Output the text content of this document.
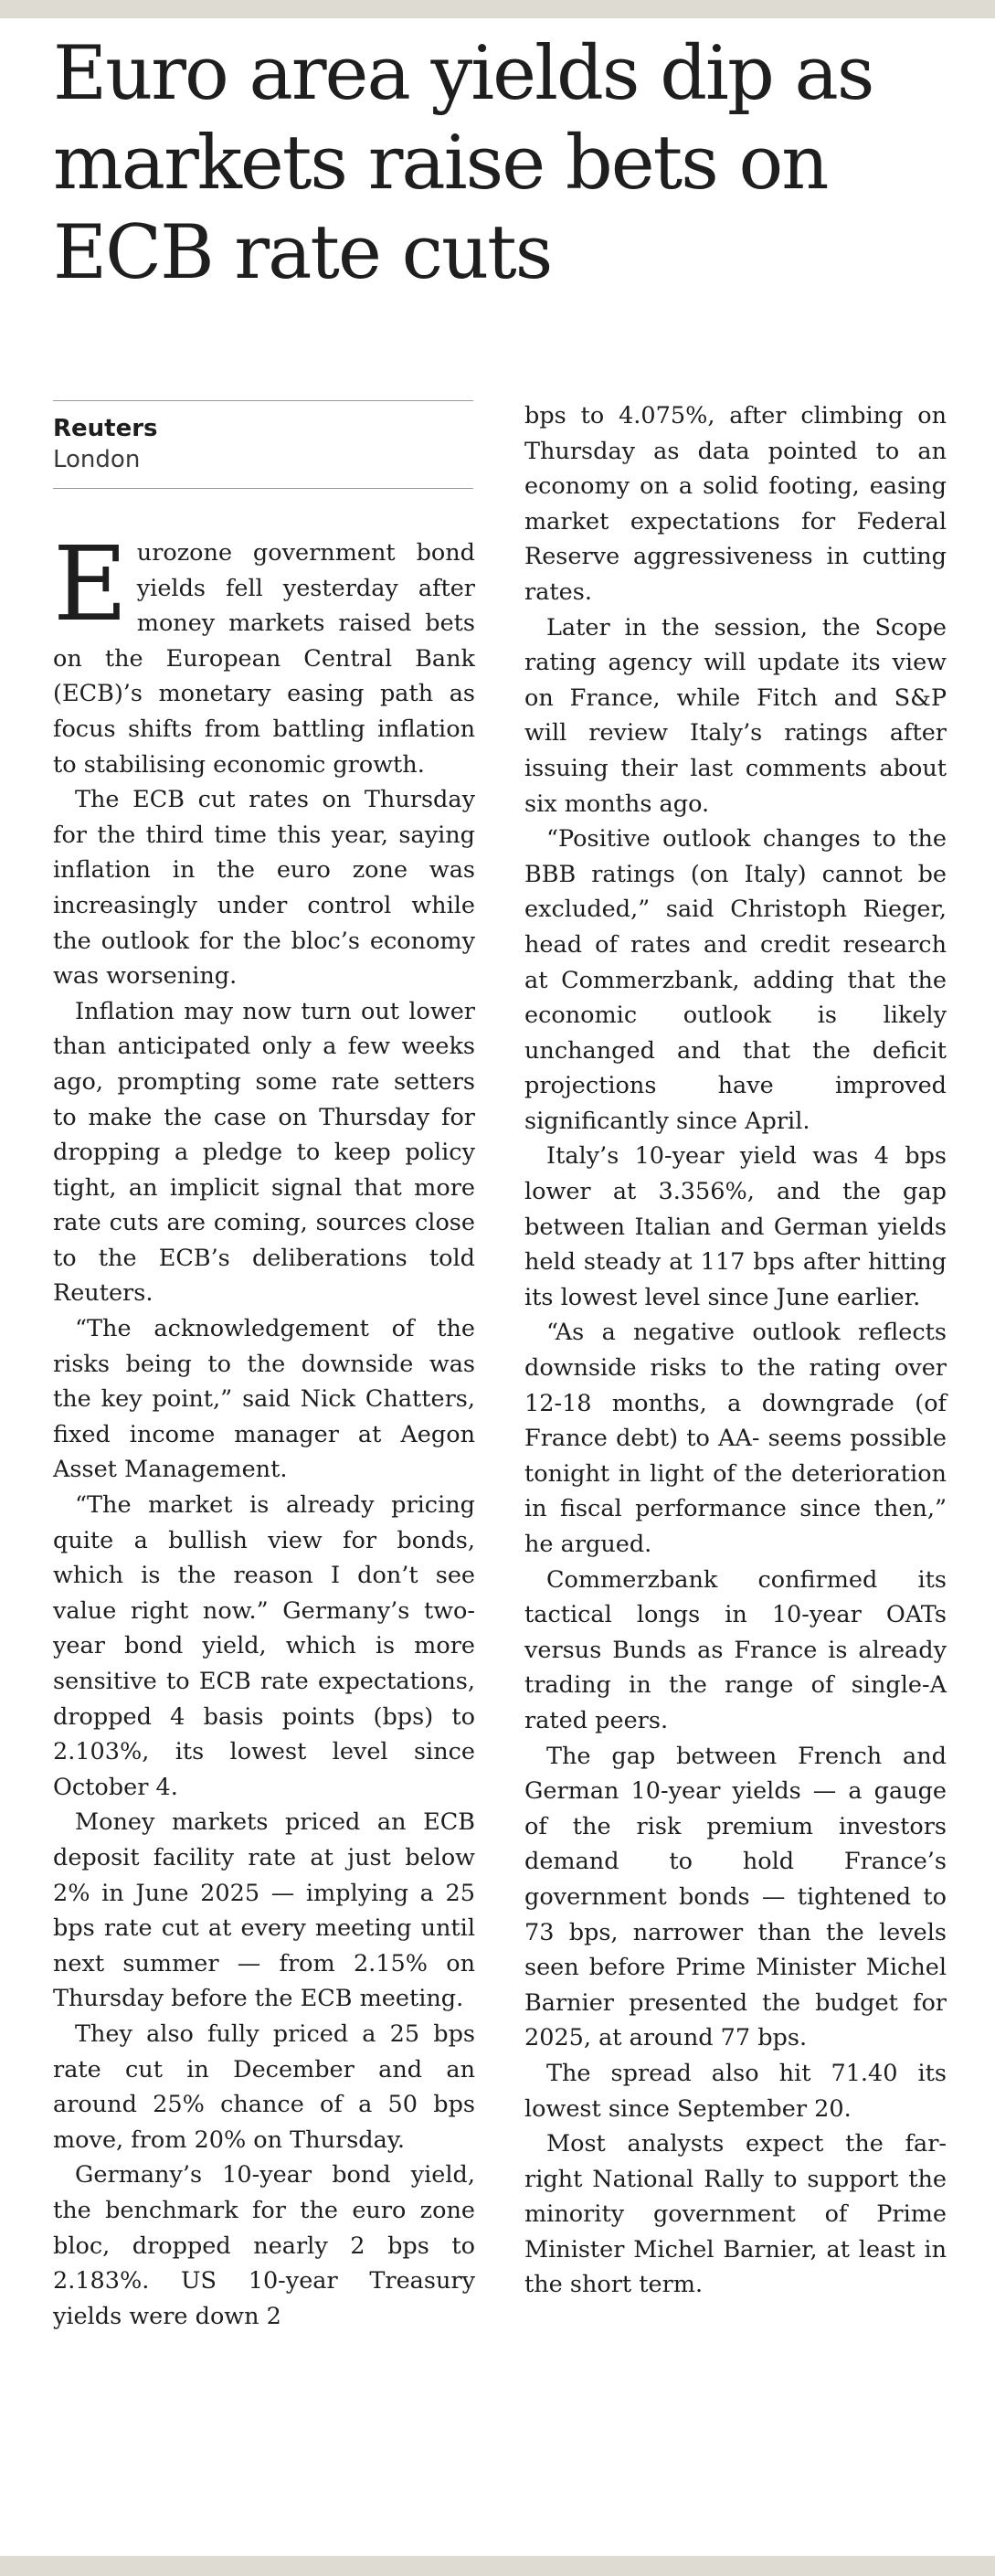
Euro area yields dip as markets raise bets on ECB rate cuts
Reuters
London

Eurozone government bond yields fell yesterday after money markets raised bets on the European Central Bank (ECB)’s monetary easing path as focus shifts from battling inflation to stabilising economic growth.

The ECB cut rates on Thursday for the third time this year, saying inflation in the euro zone was increasingly under control while the outlook for the bloc’s economy was worsening.

Inflation may now turn out lower than anticipated only a few weeks ago, prompting some rate setters to make the case on Thursday for dropping a pledge to keep policy tight, an implicit signal that more rate cuts are coming, sources close to the ECB’s deliberations told Reuters.

“The acknowledgement of the risks being to the downside was the key point,” said Nick Chatters, fixed income manager at Aegon Asset Management.

“The market is already pricing quite a bullish view for bonds, which is the reason I don’t see value right now.” Germany’s two-year bond yield, which is more sensitive to ECB rate expectations, dropped 4 basis points (bps) to 2.103%, its lowest level since October 4.

Money markets priced an ECB deposit facility rate at just below 2% in June 2025 — implying a 25 bps rate cut at every meeting until next summer — from 2.15% on Thursday before the ECB meeting.

They also fully priced a 25 bps rate cut in December and an around 25% chance of a 50 bps move, from 20% on Thursday.

Germany’s 10-year bond yield, the benchmark for the euro zone bloc, dropped nearly 2 bps to 2.183%. US 10-year Treasury yields were down 2

bps to 4.075%, after climbing on Thursday as data pointed to an economy on a solid footing, easing market expectations for Federal Reserve aggressiveness in cutting rates.

Later in the session, the Scope rating agency will update its view on France, while Fitch and S&P will review Italy’s ratings after issuing their last comments about six months ago.

“Positive outlook changes to the BBB ratings (on Italy) cannot be excluded,” said Christoph Rieger, head of rates and credit research at Commerzbank, adding that the economic outlook is likely unchanged and that the deficit projections have improved significantly since April.

Italy’s 10-year yield was 4 bps lower at 3.356%, and the gap between Italian and German yields held steady at 117 bps after hitting its lowest level since June earlier.

“As a negative outlook reflects downside risks to the rating over 12-18 months, a downgrade (of France debt) to AA- seems possible tonight in light of the deterioration in fiscal performance since then,” he argued.

Commerzbank confirmed its tactical longs in 10-year OATs versus Bunds as France is already trading in the range of single-A rated peers.

The gap between French and German 10-year yields — a gauge of the risk premium investors demand to hold France’s government bonds — tightened to 73 bps, narrower than the levels seen before Prime Minister Michel Barnier presented the budget for 2025, at around 77 bps.

The spread also hit 71.40 its lowest since September 20.

Most analysts expect the far-right National Rally to support the minority government of Prime Minister Michel Barnier, at least in the short term.
